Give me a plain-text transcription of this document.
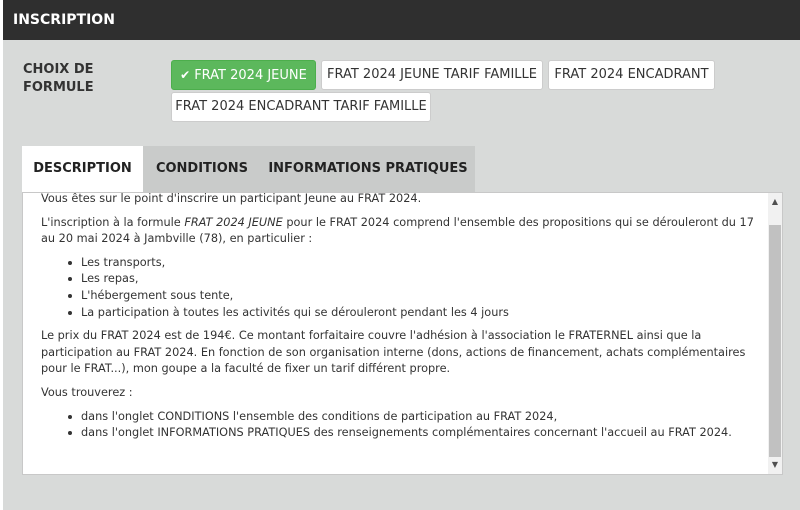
INSCRIPTION
CHOIX DE
FORMULE
✔ FRAT 2024 JEUNE	FRAT 2024 JEUNE TARIF FAMILLE	FRAT 2024 ENCADRANT
FRAT 2024 ENCADRANT TARIF FAMILLE
DESCRIPTION	CONDITIONS	INFORMATIONS PRATIQUES

Vous êtes sur le point d'inscrire un participant Jeune au FRAT 2024.

L'inscription à la formule FRAT 2024 JEUNE pour le FRAT 2024 comprend l'ensemble des propositions qui se dérouleront du 17 au 20 mai 2024 à Jambville (78), en particulier :

Les transports,
Les repas,
L'hébergement sous tente,
La participation à toutes les activités qui se dérouleront pendant les 4 jours

Le prix du FRAT 2024 est de 194€. Ce montant forfaitaire couvre l'adhésion à l'association le FRATERNEL ainsi que la participation au FRAT 2024. En fonction de son organisation interne (dons, actions de financement, achats complémentaires pour le FRAT...), mon goupe a la faculté de fixer un tarif différent propre.

Vous trouverez :

dans l'onglet CONDITIONS l'ensemble des conditions de participation au FRAT 2024,
dans l'onglet INFORMATIONS PRATIQUES des renseignements complémentaires concernant l'accueil au FRAT 2024.
▲
▼
